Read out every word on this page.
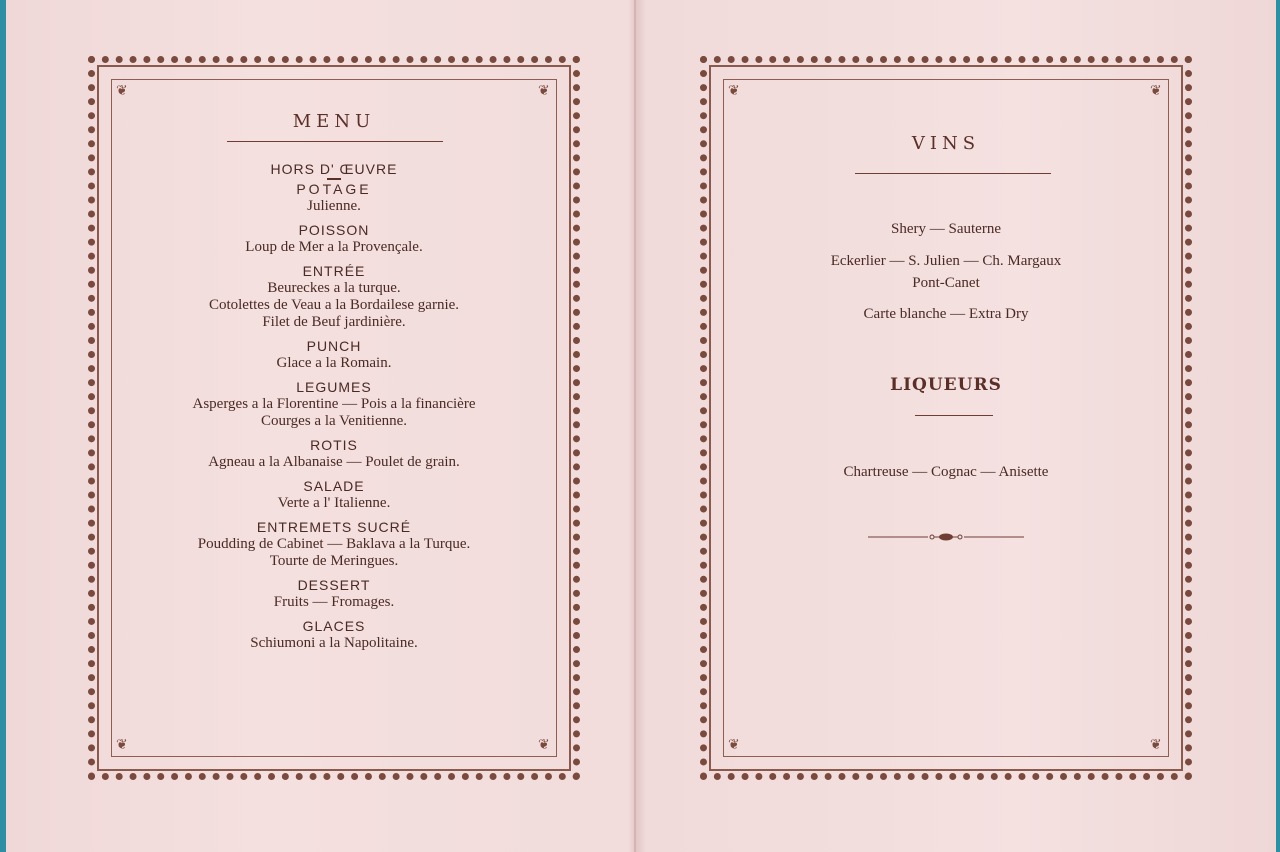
❦	❦
❦	❦
MENU
HORS D' ŒUVRE
POTAGE
Julienne.
POISSON
Loup de Mer a la Provençale.
ENTRÉE
Beureckes a la turque.
Cotolettes de Veau a la Bordailese garnie.
Filet de Beuf jardinière.
PUNCH
Glace a la Romain.
LEGUMES
Asperges a la Florentine — Pois a la financière
Courges a la Venitienne.
ROTIS
Agneau a la Albanaise — Poulet de grain.
SALADE
Verte a l' Italienne.
ENTREMETS SUCRÉ
Poudding de Cabinet — Baklava a la Turque.
Tourte de Meringues.
DESSERT
Fruits — Fromages.
GLACES
Schiumoni a la Napolitaine.
❦	❦
❦	❦
VINS
Shery — Sauterne
Eckerlier — S. Julien — Ch. Margaux
Pont-Canet
Carte blanche — Extra Dry
LIQUEURS
Chartreuse — Cognac — Anisette
